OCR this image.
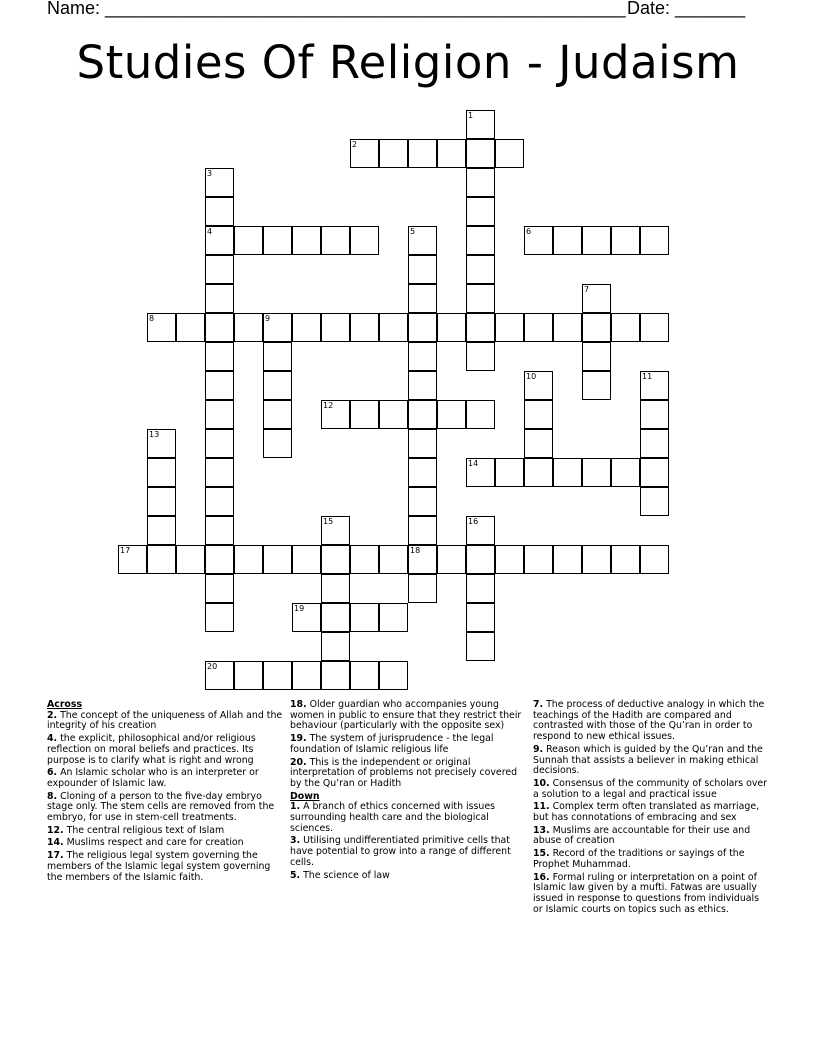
Name: ____________________________________________________ Date: _______
Studies Of Religion - Judaism
1
2
3
4	5	6
7
8	9
10	11
12
13
14
15	16
17	18
19
20
Across
2. The concept of the uniqueness of Allah and the integrity of his creation
4. the explicit, philosophical and/or religious reflection on moral beliefs and practices. Its purpose is to clarify what is right and wrong
6. An Islamic scholar who is an interpreter or expounder of Islamic law.
8. Cloning of a person to the five-day embryo stage only. The stem cells are removed from the embryo, for use in stem-cell treatments.
12. The central religious text of Islam
14. Muslims respect and care for creation
17. The religious legal system governing the members of the Islamic legal system governing the members of the Islamic faith.
18. Older guardian who accompanies young women in public to ensure that they restrict their behaviour (particularly with the opposite sex)
19. The system of jurisprudence - the legal foundation of Islamic religious life
20. This is the independent or original interpretation of problems not precisely covered by the Qu’ran or Hadith
Down
1. A branch of ethics concerned with issues surrounding health care and the biological sciences.
3. Utilising undifferentiated primitive cells that have potential to grow into a range of different cells.
5. The science of law
7. The process of deductive analogy in which the teachings of the Hadith are compared and contrasted with those of the Qu’ran in order to respond to new ethical issues.
9. Reason which is guided by the Qu’ran and the Sunnah that assists a believer in making ethical decisions.
10. Consensus of the community of scholars over a solution to a legal and practical issue
11. Complex term often translated as marriage, but has connotations of embracing and sex
13. Muslims are accountable for their use and abuse of creation
15. Record of the traditions or sayings of the Prophet Muhammad.
16. Formal ruling or interpretation on a point of Islamic law given by a mufti. Fatwas are usually issued in response to questions from individuals or Islamic courts on topics such as ethics.
